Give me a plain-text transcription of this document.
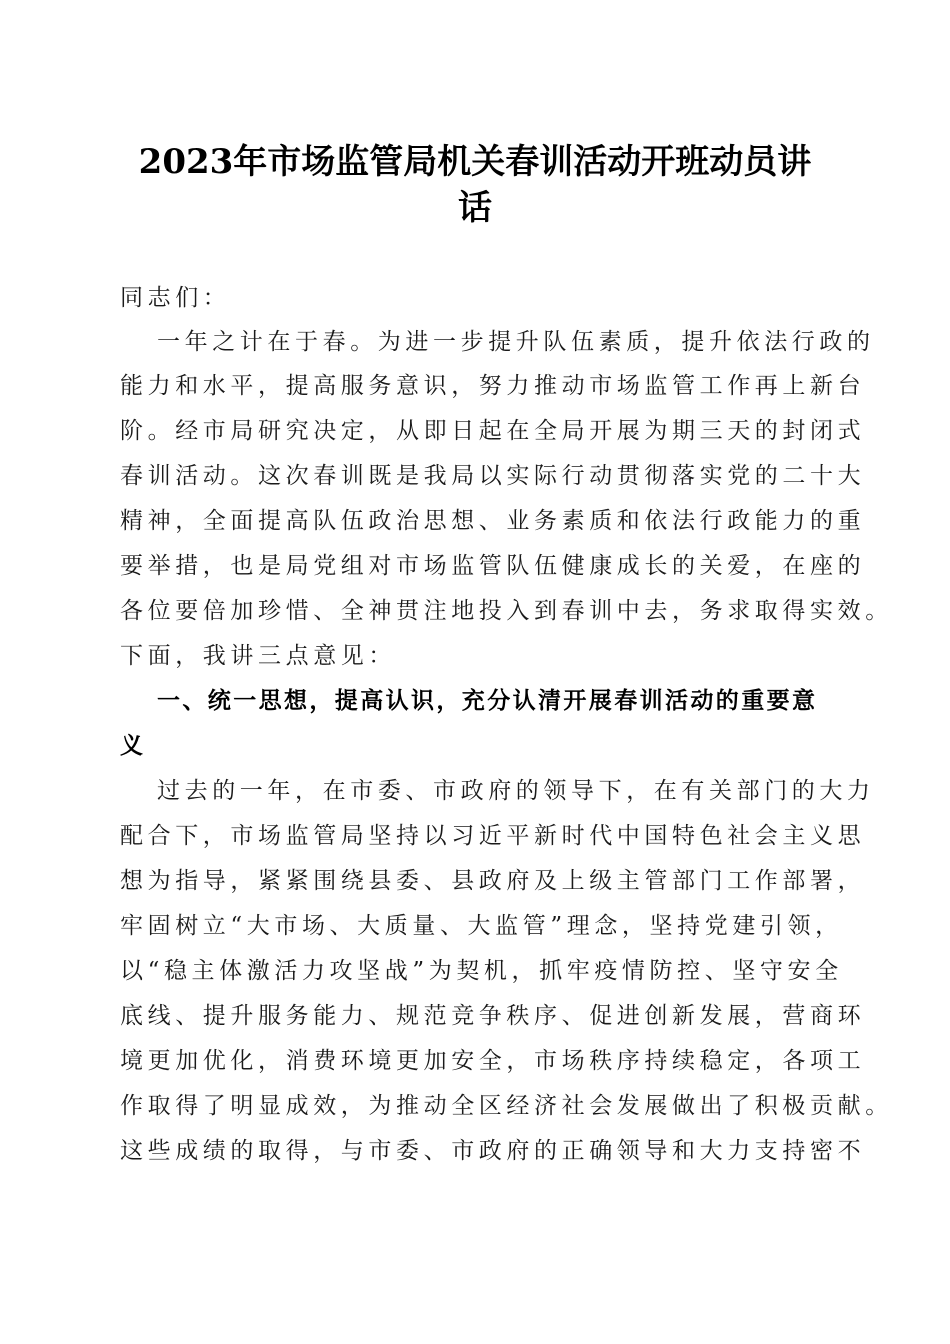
2023年市场监管局机关春训活动开班动员讲
话
同志们：
一年之计在于春。为进一步提升队伍素质，提升依法行政的
能力和水平，提高服务意识，努力推动市场监管工作再上新台
阶。经市局研究决定，从即日起在全局开展为期三天的封闭式
春训活动。这次春训既是我局以实际行动贯彻落实党的二十大
精神，全面提高队伍政治思想、业务素质和依法行政能力的重
要举措，也是局党组对市场监管队伍健康成长的关爱，在座的
各位要倍加珍惜、全神贯注地投入到春训中去，务求取得实效。
下面，我讲三点意见：
一、统一思想，提高认识，充分认清开展春训活动的重要意
义
过去的一年，在市委、市政府的领导下，在有关部门的大力
配合下，市场监管局坚持以习近平新时代中国特色社会主义思
想为指导，紧紧围绕县委、县政府及上级主管部门工作部署，
牢固树立“大市场、大质量、大监管”理念，坚持党建引领，
以“稳主体激活力攻坚战”为契机，抓牢疫情防控、坚守安全
底线、提升服务能力、规范竞争秩序、促进创新发展，营商环
境更加优化，消费环境更加安全，市场秩序持续稳定，各项工
作取得了明显成效，为推动全区经济社会发展做出了积极贡献。
这些成绩的取得，与市委、市政府的正确领导和大力支持密不
